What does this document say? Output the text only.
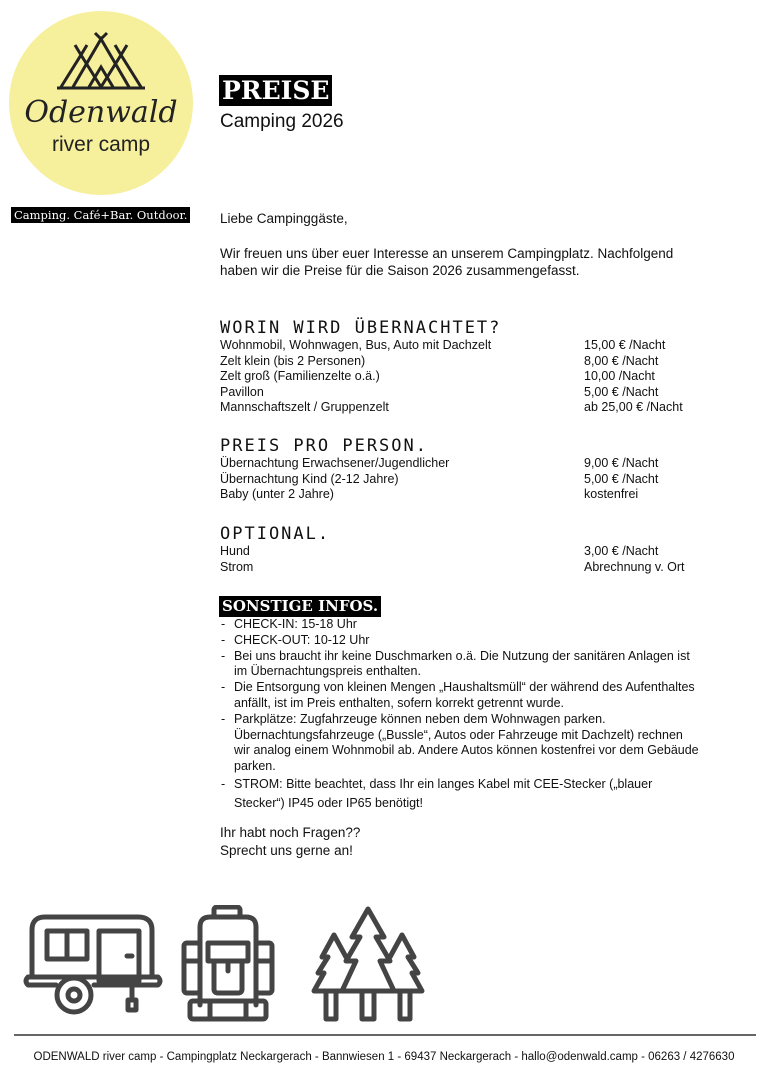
Odenwald
river camp
Camping. Café+Bar. Outdoor.
PREISE
Camping 2026
Liebe Campinggäste,
Wir freuen uns über euer Interesse an unserem Campingplatz. Nachfolgend haben wir die Preise für die Saison 2026 zusammengefasst.
WORIN WIRD ÜBERNACHTET?
Wohnmobil, Wohnwagen, Bus, Auto mit Dachzelt	15,00 € /Nacht
Zelt klein (bis 2 Personen)	8,00 € /Nacht
Zelt groß (Familienzelte o.ä.)	10,00 /Nacht
Pavillon	5,00 € /Nacht
Mannschaftszelt / Gruppenzelt	ab 25,00 € /Nacht
PREIS PRO PERSON.
Übernachtung Erwachsener/Jugendlicher	9,00 € /Nacht
Übernachtung Kind (2-12 Jahre)	5,00 € /Nacht
Baby (unter 2 Jahre)	kostenfrei
OPTIONAL.
Hund	3,00 € /Nacht
Strom	Abrechnung v. Ort
SONSTIGE INFOS.
- CHECK-IN: 15-18 Uhr
- CHECK-OUT: 10-12 Uhr
- Bei uns braucht ihr keine Duschmarken o.ä. Die Nutzung der sanitären Anlagen ist im Übernachtungspreis enthalten.
- Die Entsorgung von kleinen Mengen „Haushaltsmüll“ der während des Aufenthaltes anfällt, ist im Preis enthalten, sofern korrekt getrennt wurde.
- Parkplätze: Zugfahrzeuge können neben dem Wohnwagen parken. Übernachtungsfahrzeuge („Bussle“, Autos oder Fahrzeuge mit Dachzelt) rechnen wir analog einem Wohnmobil ab. Andere Autos können kostenfrei vor dem Gebäude parken.
- STROM: Bitte beachtet, dass Ihr ein langes Kabel mit CEE-Stecker („blauer Stecker“) IP45 oder IP65 benötigt!
Ihr habt noch Fragen??
Sprecht uns gerne an!
ODENWALD river camp - Campingplatz Neckargerach - Bannwiesen 1 - 69437 Neckargerach - hallo@odenwald.camp - 06263 / 4276630
